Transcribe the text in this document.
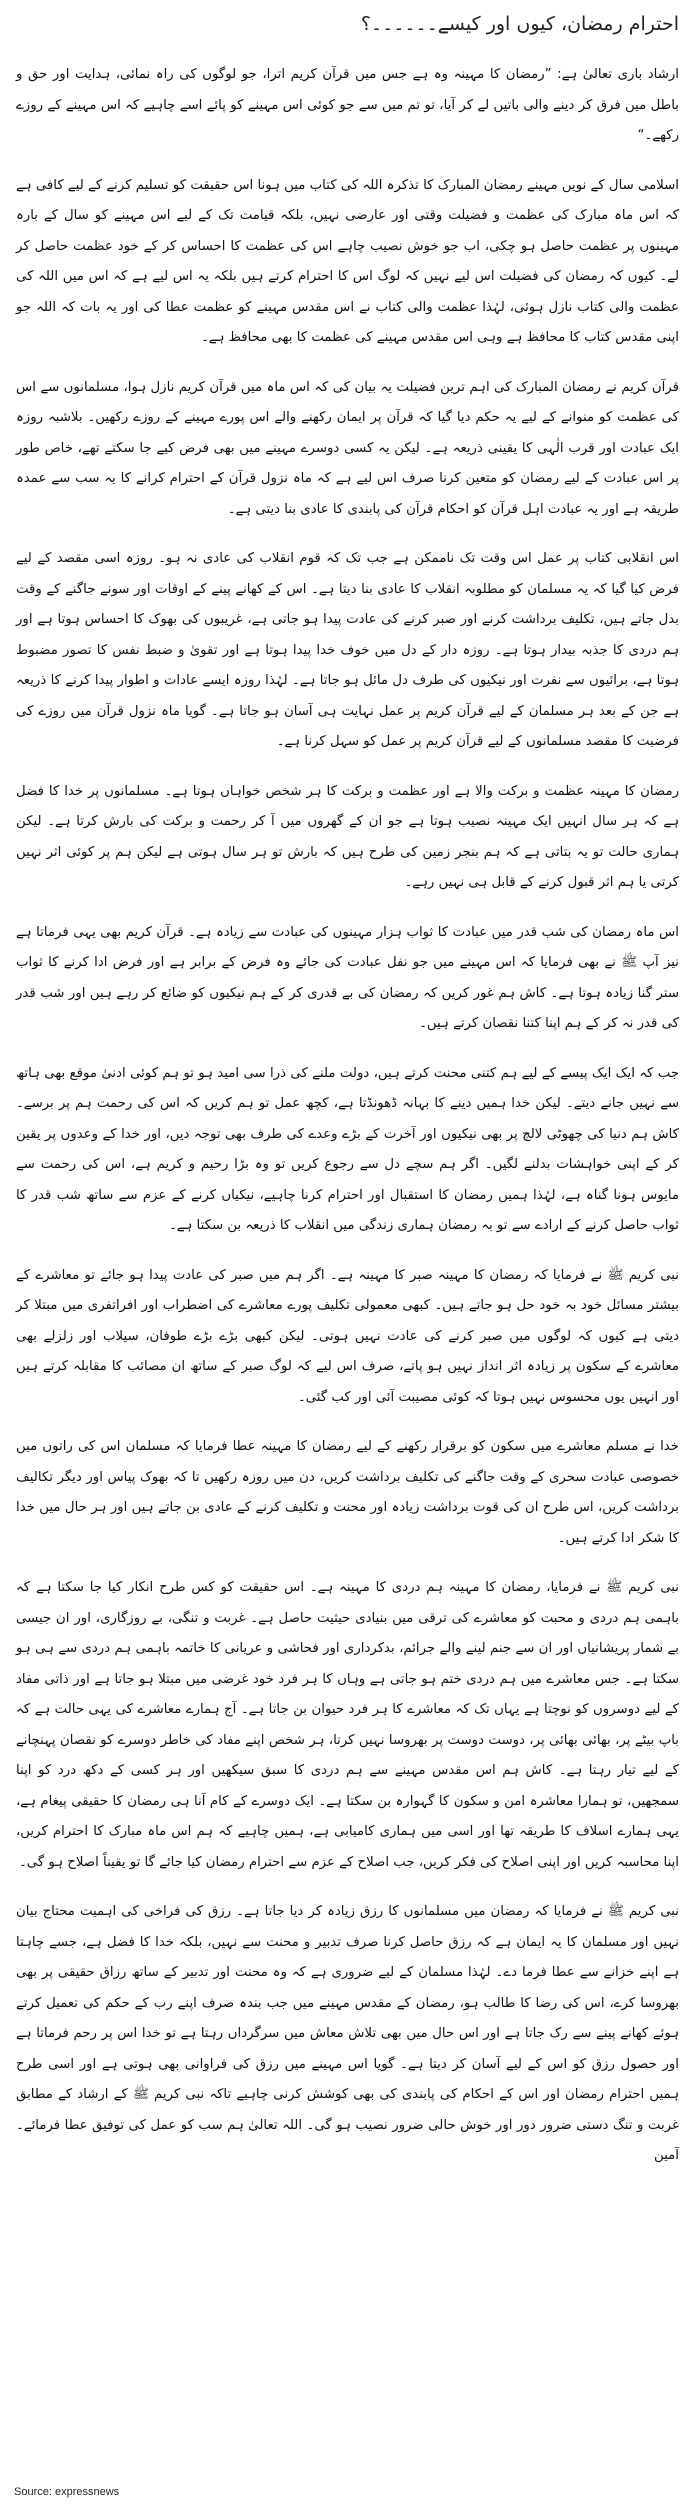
احترام رمضان، کیوں اور کیسے۔۔۔۔۔۔؟

ارشاد باری تعالیٰ ہے: ”رمضان کا مہینہ وہ ہے جس میں قرآن کریم اترا، جو لوگوں کی راہ نمائی، ہدایت اور حق و باطل میں فرق کر دینے والی باتیں لے کر آیا، تو تم میں سے جو کوئی اس مہینے کو پائے اسے چاہیے کہ اس مہینے کے روزے رکھے۔“

اسلامی سال کے نویں مہینے رمضان المبارک کا تذکرہ اللہ کی کتاب میں ہونا اس حقیقت کو تسلیم کرنے کے لیے کافی ہے کہ اس ماہ مبارک کی عظمت و فضیلت وقتی اور عارضی نہیں، بلکہ قیامت تک کے لیے اس مہینے کو سال کے بارہ مہینوں پر عظمت حاصل ہو چکی، اب جو خوش نصیب چاہے اس کی عظمت کا احساس کر کے خود عظمت حاصل کر لے۔ کیوں کہ رمضان کی فضیلت اس لیے نہیں کہ لوگ اس کا احترام کرتے ہیں بلکہ یہ اس لیے ہے کہ اس میں اللہ کی عظمت والی کتاب نازل ہوئی، لہٰذا عظمت والی کتاب نے اس مقدس مہینے کو عظمت عطا کی اور یہ بات کہ اللہ جو اپنی مقدس کتاب کا محافظ ہے وہی اس مقدس مہینے کی عظمت کا بھی محافظ ہے۔

قرآن کریم نے رمضان المبارک کی اہم ترین فضیلت یہ بیان کی کہ اس ماہ میں قرآن کریم نازل ہوا، مسلمانوں سے اس کی عظمت کو منوانے کے لیے یہ حکم دیا گیا کہ قرآن پر ایمان رکھنے والے اس پورے مہینے کے روزے رکھیں۔ بلاشبہ روزہ ایک عبادت اور قرب الٰہی کا یقینی ذریعہ ہے۔ لیکن یہ کسی دوسرے مہینے میں بھی فرض کیے جا سکتے تھے، خاص طور پر اس عبادت کے لیے رمضان کو متعین کرنا صرف اس لیے ہے کہ ماہ نزول قرآن کے احترام کرانے کا یہ سب سے عمدہ طریقہ ہے اور یہ عبادت اہل قرآن کو احکام قرآن کی پابندی کا عادی بنا دیتی ہے۔

اس انقلابی کتاب پر عمل اس وقت تک ناممکن ہے جب تک کہ قوم انقلاب کی عادی نہ ہو۔ روزہ اسی مقصد کے لیے فرض کیا گیا کہ یہ مسلمان کو مطلوبہ انقلاب کا عادی بنا دیتا ہے۔ اس کے کھانے پینے کے اوقات اور سونے جاگنے کے وقت بدل جاتے ہیں، تکلیف برداشت کرنے اور صبر کرنے کی عادت پیدا ہو جاتی ہے، غریبوں کی بھوک کا احساس ہوتا ہے اور ہم دردی کا جذبہ بیدار ہوتا ہے۔ روزہ دار کے دل میں خوف خدا پیدا ہوتا ہے اور تقویٰ و ضبط نفس کا تصور مضبوط ہوتا ہے، برائیوں سے نفرت اور نیکیوں کی طرف دل مائل ہو جاتا ہے۔ لہٰذا روزہ ایسے عادات و اطوار پیدا کرنے کا ذریعہ ہے جن کے بعد ہر مسلمان کے لیے قرآن کریم پر عمل نہایت ہی آسان ہو جاتا ہے۔ گویا ماہ نزول قرآن میں روزے کی فرضیت کا مقصد مسلمانوں کے لیے قرآن کریم پر عمل کو سہل کرنا ہے۔

رمضان کا مہینہ عظمت و برکت والا ہے اور عظمت و برکت کا ہر شخص خواہاں ہوتا ہے۔ مسلمانوں پر خدا کا فضل ہے کہ ہر سال انہیں ایک مہینہ نصیب ہوتا ہے جو ان کے گھروں میں آ کر رحمت و برکت کی بارش کرتا ہے۔ لیکن ہماری حالت تو یہ بتاتی ہے کہ ہم بنجر زمین کی طرح ہیں کہ بارش تو ہر سال ہوتی ہے لیکن ہم پر کوئی اثر نہیں کرتی یا ہم اثر قبول کرنے کے قابل ہی نہیں رہے۔

اس ماہ رمضان کی شب قدر میں عبادت کا ثواب ہزار مہینوں کی عبادت سے زیادہ ہے۔ قرآن کریم بھی یہی فرماتا ہے نیز آپ ﷺ نے بھی فرمایا کہ اس مہینے میں جو نفل عبادت کی جائے وہ فرض کے برابر ہے اور فرض ادا کرنے کا ثواب ستر گنا زیادہ ہوتا ہے۔ کاش ہم غور کریں کہ رمضان کی بے قدری کر کے ہم نیکیوں کو ضائع کر رہے ہیں اور شب قدر کی قدر نہ کر کے ہم اپنا کتنا نقصان کرتے ہیں۔

جب کہ ایک ایک پیسے کے لیے ہم کتنی محنت کرتے ہیں، دولت ملنے کی ذرا سی امید ہو تو ہم کوئی ادنیٰ موقع بھی ہاتھ سے نہیں جانے دیتے۔ لیکن خدا ہمیں دینے کا بہانہ ڈھونڈتا ہے، کچھ عمل تو ہم کریں کہ اس کی رحمت ہم پر برسے۔ کاش ہم دنیا کی چھوٹی لالچ پر بھی نیکیوں اور آخرت کے بڑے وعدے کی طرف بھی توجہ دیں، اور خدا کے وعدوں پر یقین کر کے اپنی خواہشات بدلنے لگیں۔ اگر ہم سچے دل سے رجوع کریں تو وہ بڑا رحیم و کریم ہے، اس کی رحمت سے مایوس ہونا گناہ ہے، لہٰذا ہمیں رمضان کا استقبال اور احترام کرنا چاہیے، نیکیاں کرنے کے عزم سے ساتھ شب قدر کا ثواب حاصل کرنے کے ارادے سے تو بہ رمضان ہماری زندگی میں انقلاب کا ذریعہ بن سکتا ہے۔

نبی کریم ﷺ نے فرمایا کہ رمضان کا مہینہ صبر کا مہینہ ہے۔ اگر ہم میں صبر کی عادت پیدا ہو جائے تو معاشرے کے بیشتر مسائل خود بہ خود حل ہو جاتے ہیں۔ کبھی معمولی تکلیف پورے معاشرے کی اضطراب اور افراتفری میں مبتلا کر دیتی ہے کیوں کہ لوگوں میں صبر کرنے کی عادت نہیں ہوتی۔ لیکن کبھی بڑے بڑے طوفان، سیلاب اور زلزلے بھی معاشرے کے سکون پر زیادہ اثر انداز نہیں ہو پاتے، صرف اس لیے کہ لوگ صبر کے ساتھ ان مصائب کا مقابلہ کرتے ہیں اور انہیں یوں محسوس نہیں ہوتا کہ کوئی مصیبت آئی اور کب گئی۔

خدا نے مسلم معاشرے میں سکون کو برقرار رکھنے کے لیے رمضان کا مہینہ عطا فرمایا کہ مسلمان اس کی راتوں میں خصوصی عبادت سحری کے وقت جاگنے کی تکلیف برداشت کریں، دن میں روزہ رکھیں تا کہ بھوک پیاس اور دیگر تکالیف برداشت کریں، اس طرح ان کی قوت برداشت زیادہ اور محنت و تکلیف کرنے کے عادی بن جاتے ہیں اور ہر حال میں خدا کا شکر ادا کرتے ہیں۔

نبی کریم ﷺ نے فرمایا، رمضان کا مہینہ ہم دردی کا مہینہ ہے۔ اس حقیقت کو کس طرح انکار کیا جا سکتا ہے کہ باہمی ہم دردی و محبت کو معاشرے کی ترقی میں بنیادی حیثیت حاصل ہے۔ غربت و تنگی، بے روزگاری، اور ان جیسی بے شمار پریشانیاں اور ان سے جنم لینے والے جرائم، بدکرداری اور فحاشی و عریانی کا خاتمہ باہمی ہم دردی سے ہی ہو سکتا ہے۔ جس معاشرے میں ہم دردی ختم ہو جاتی ہے وہاں کا ہر فرد خود غرضی میں مبتلا ہو جاتا ہے اور ذاتی مفاد کے لیے دوسروں کو نوچتا ہے یہاں تک کہ معاشرے کا ہر فرد حیوان بن جاتا ہے۔ آج ہمارے معاشرے کی یہی حالت ہے کہ باپ بیٹے پر، بھائی بھائی پر، دوست دوست پر بھروسا نہیں کرتا، ہر شخص اپنے مفاد کی خاطر دوسرے کو نقصان پہنچانے کے لیے تیار رہتا ہے۔ کاش ہم اس مقدس مہینے سے ہم دردی کا سبق سیکھیں اور ہر کسی کے دکھ درد کو اپنا سمجھیں، تو ہمارا معاشرہ امن و سکون کا گہوارہ بن سکتا ہے۔ ایک دوسرے کے کام آنا ہی رمضان کا حقیقی پیغام ہے، یہی ہمارے اسلاف کا طریقہ تھا اور اسی میں ہماری کامیابی ہے، ہمیں چاہیے کہ ہم اس ماہ مبارک کا احترام کریں، اپنا محاسبہ کریں اور اپنی اصلاح کی فکر کریں، جب اصلاح کے عزم سے احترام رمضان کیا جائے گا تو یقیناً اصلاح ہو گی۔

نبی کریم ﷺ نے فرمایا کہ رمضان میں مسلمانوں کا رزق زیادہ کر دیا جاتا ہے۔ رزق کی فراخی کی اہمیت محتاج بیان نہیں اور مسلمان کا یہ ایمان ہے کہ رزق حاصل کرنا صرف تدبیر و محنت سے نہیں، بلکہ خدا کا فضل ہے، جسے چاہتا ہے اپنے خزانے سے عطا فرما دے۔ لہٰذا مسلمان کے لیے ضروری ہے کہ وہ محنت اور تدبیر کے ساتھ رزاق حقیقی پر بھی بھروسا کرے، اس کی رضا کا طالب ہو، رمضان کے مقدس مہینے میں جب بندہ صرف اپنے رب کے حکم کی تعمیل کرتے ہوئے کھانے پینے سے رک جاتا ہے اور اس حال میں بھی تلاش معاش میں سرگرداں رہتا ہے تو خدا اس پر رحم فرماتا ہے اور حصول رزق کو اس کے لیے آسان کر دیتا ہے۔ گویا اس مہینے میں رزق کی فراوانی بھی ہوتی ہے اور اسی طرح ہمیں احترام رمضان اور اس کے احکام کی پابندی کی بھی کوشش کرنی چاہیے تاکہ نبی کریم ﷺ کے ارشاد کے مطابق غربت و تنگ دستی ضرور دور اور خوش حالی ضرور نصیب ہو گی۔ اللہ تعالیٰ ہم سب کو عمل کی توفیق عطا فرمائے۔ آمین

Source: expressnews
